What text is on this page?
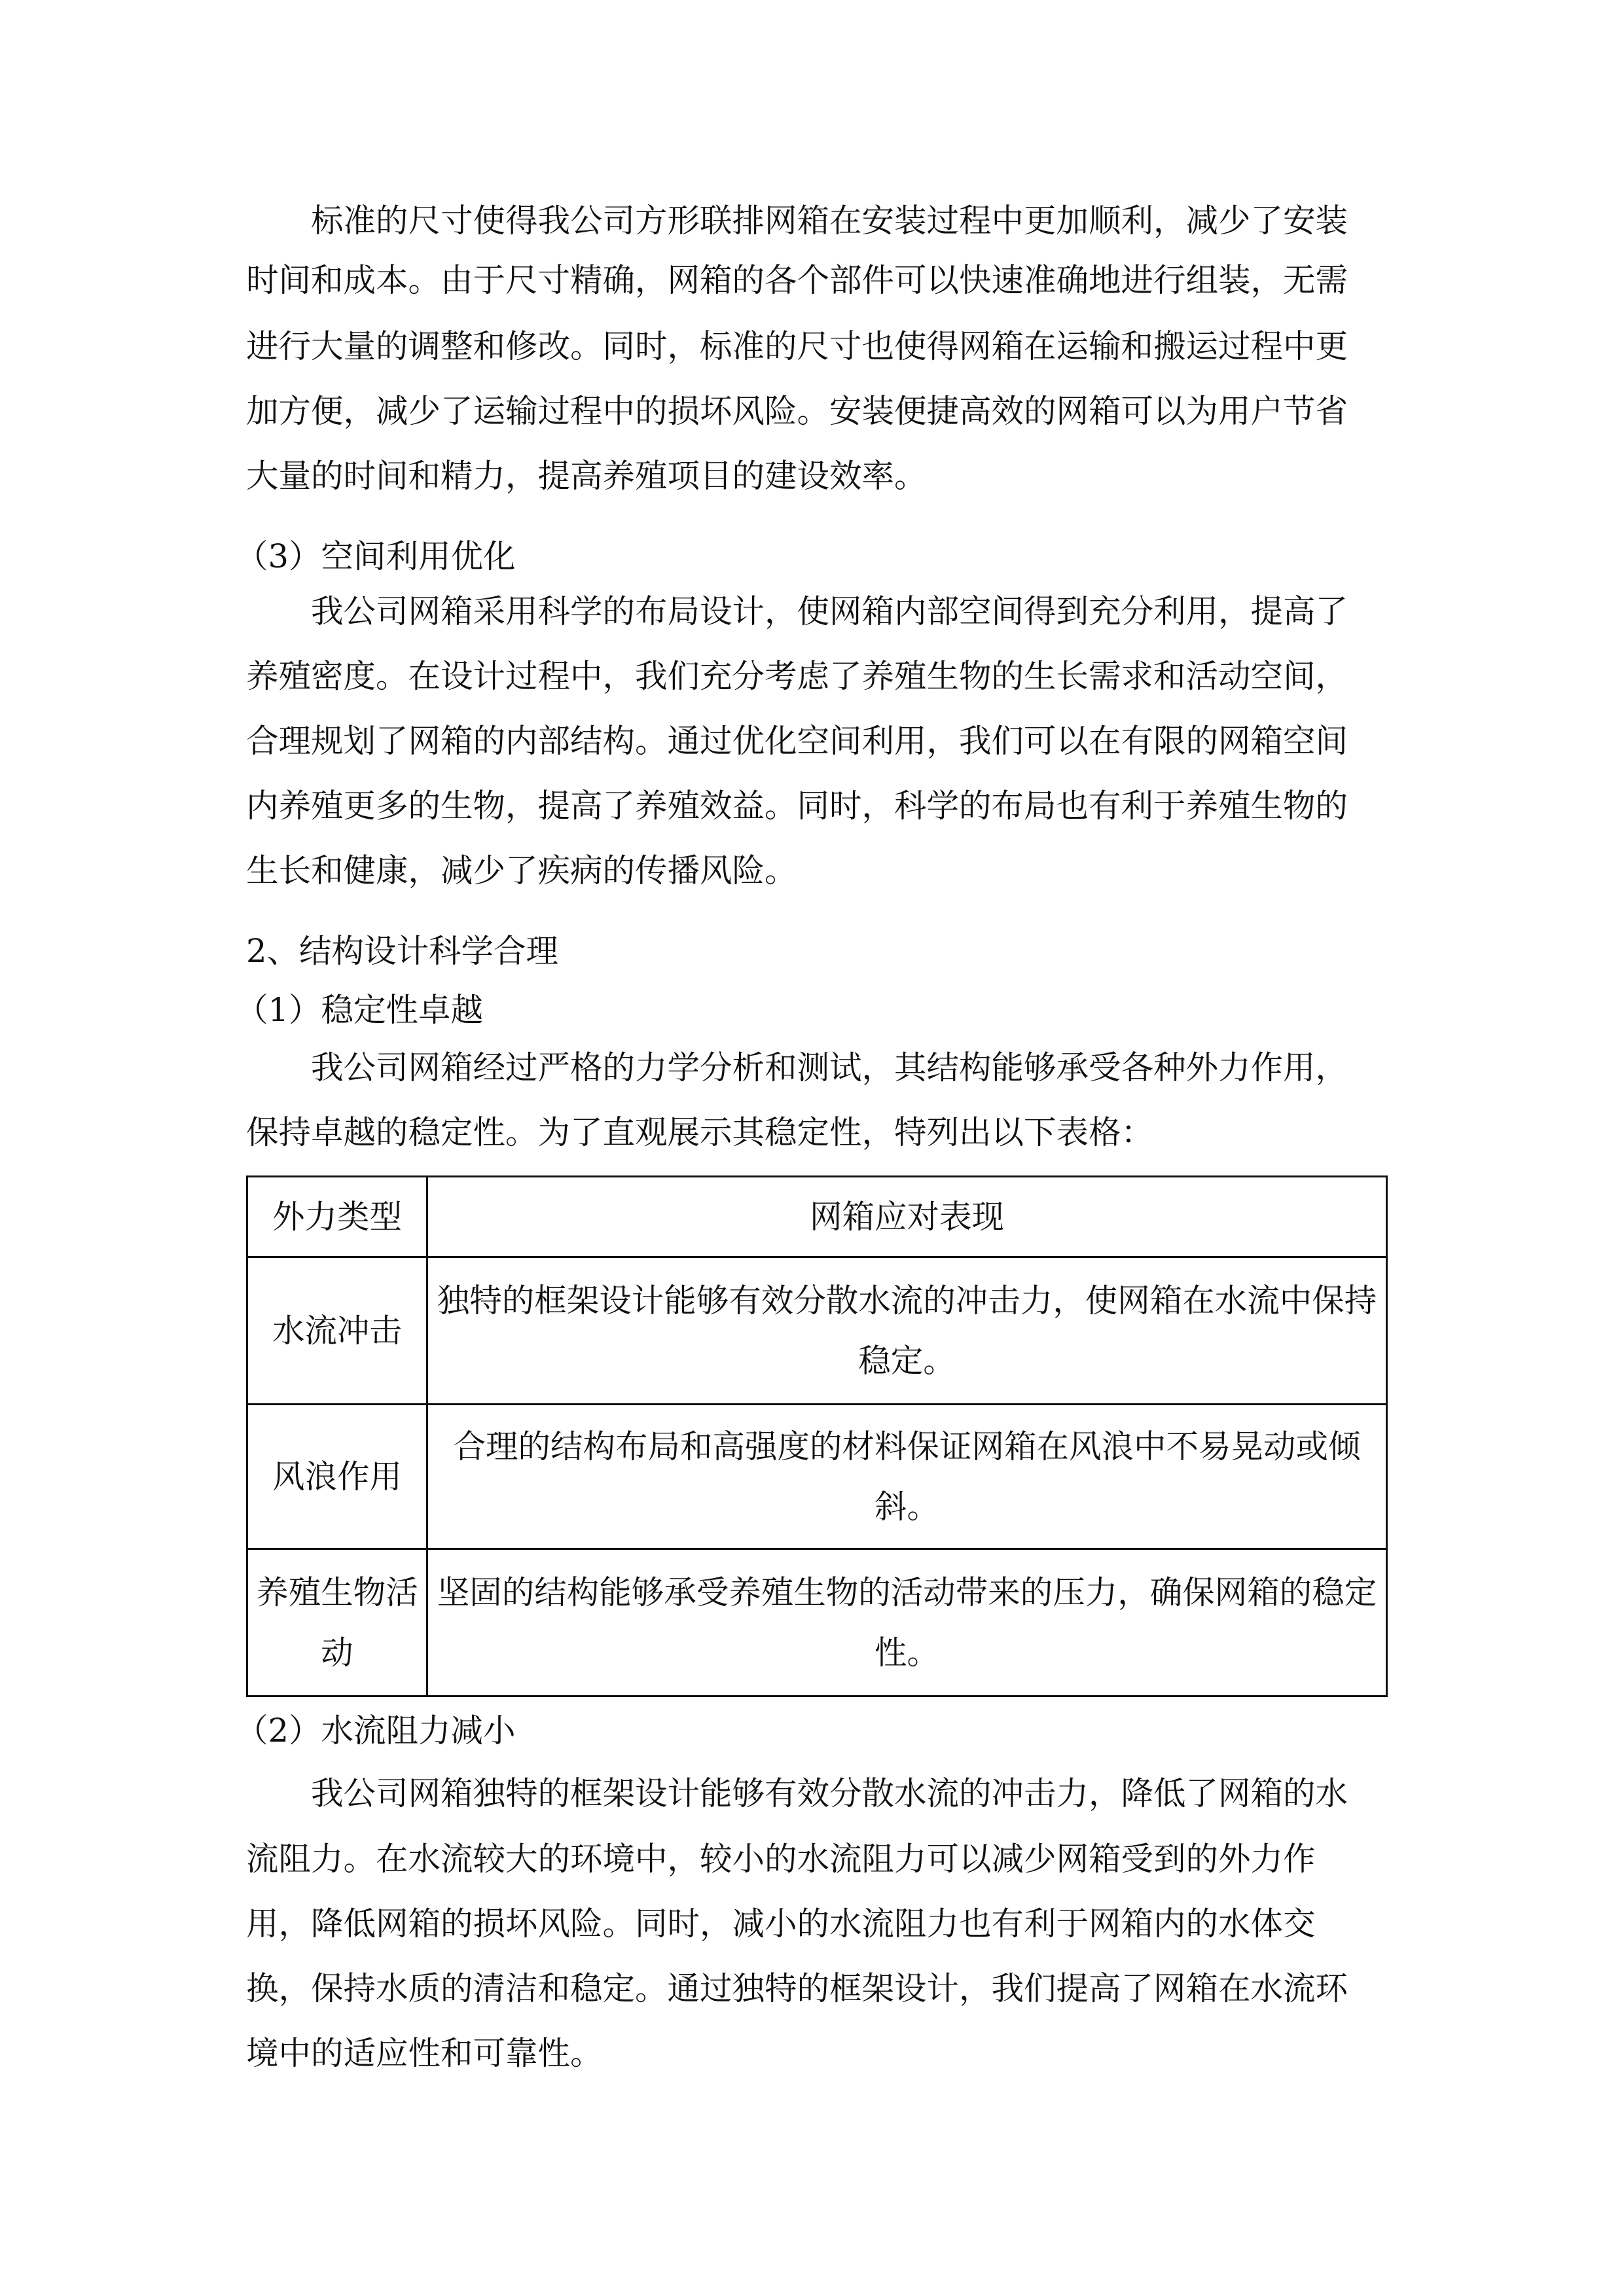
标准的尺寸使得我公司方形联排网箱在安装过程中更加顺利，减少了安装
时间和成本。由于尺寸精确，网箱的各个部件可以快速准确地进行组装，无需
进行大量的调整和修改。同时，标准的尺寸也使得网箱在运输和搬运过程中更
加方便，减少了运输过程中的损坏风险。安装便捷高效的网箱可以为用户节省
大量的时间和精力，提高养殖项目的建设效率。
（3）空间利用优化
我公司网箱采用科学的布局设计，使网箱内部空间得到充分利用，提高了
养殖密度。在设计过程中，我们充分考虑了养殖生物的生长需求和活动空间，
合理规划了网箱的内部结构。通过优化空间利用，我们可以在有限的网箱空间
内养殖更多的生物，提高了养殖效益。同时，科学的布局也有利于养殖生物的
生长和健康，减少了疾病的传播风险。
2、结构设计科学合理
（1）稳定性卓越
我公司网箱经过严格的力学分析和测试，其结构能够承受各种外力作用，
保持卓越的稳定性。为了直观展示其稳定性，特列出以下表格：
外力类型	网箱应对表现
水流冲击	独特的框架设计能够有效分散水流的冲击力，使网箱在水流中保持稳定。
风浪作用	合理的结构布局和高强度的材料保证网箱在风浪中不易晃动或倾斜。
养殖生物活动	坚固的结构能够承受养殖生物的活动带来的压力，确保网箱的稳定性。
（2）水流阻力减小
我公司网箱独特的框架设计能够有效分散水流的冲击力，降低了网箱的水
流阻力。在水流较大的环境中，较小的水流阻力可以减少网箱受到的外力作
用，降低网箱的损坏风险。同时，减小的水流阻力也有利于网箱内的水体交
换，保持水质的清洁和稳定。通过独特的框架设计，我们提高了网箱在水流环
境中的适应性和可靠性。
